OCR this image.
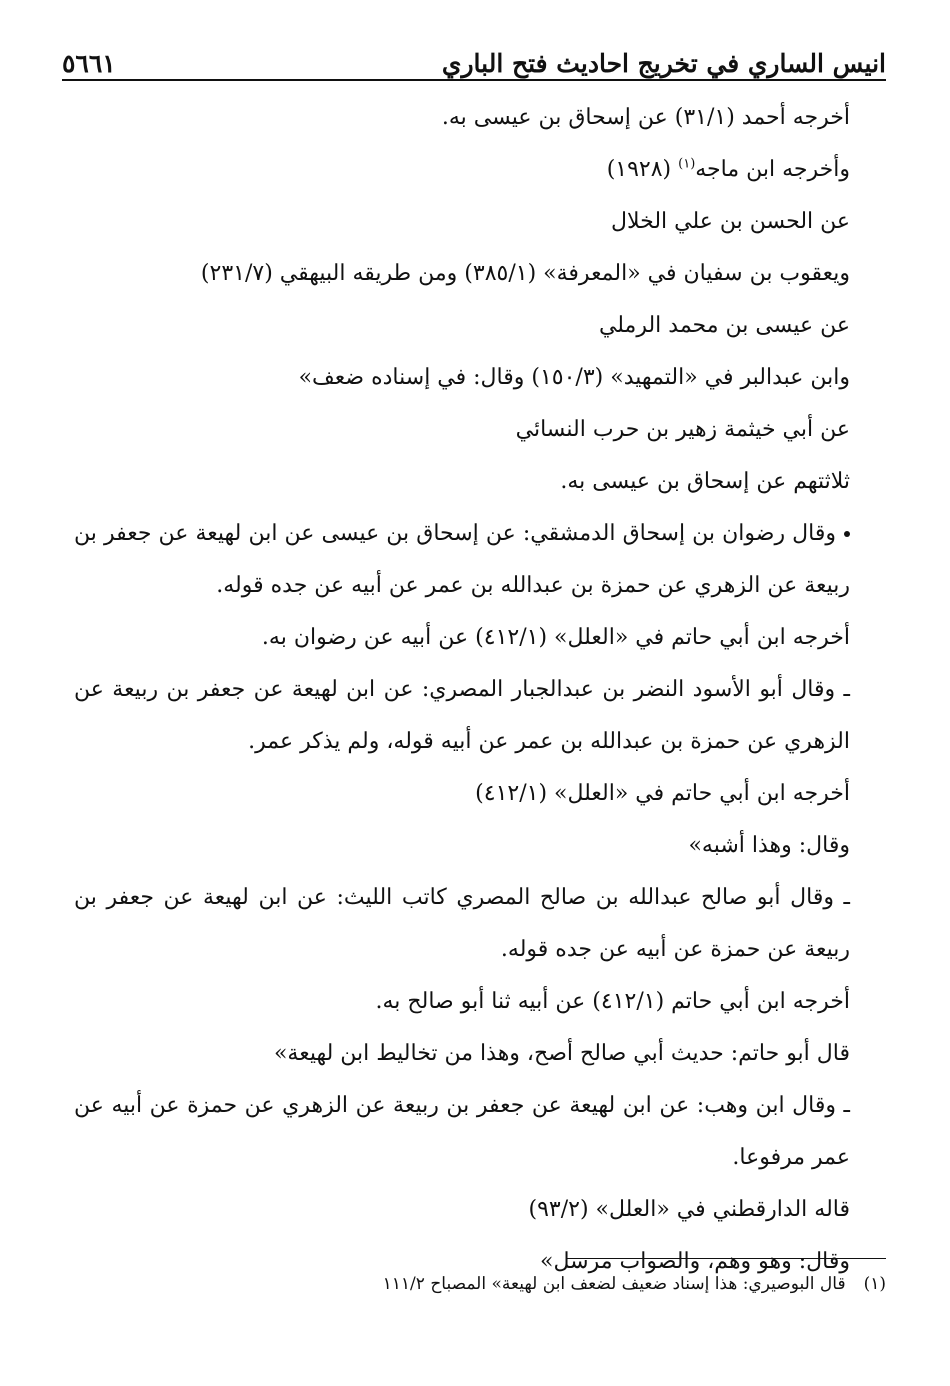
انيس الساري في تخريج احاديث فتح الباري
٥٦٦١

أخرجه أحمد (٣١/١) عن إسحاق بن عيسى به.

وأخرجه ابن ماجه$^{(١)}$ (١٩٢٨)

عن الحسن بن علي الخلال

ويعقوب بن سفيان في «المعرفة» (٣٨٥/١) ومن طريقه البيهقي (٢٣١/٧)

عن عيسى بن محمد الرملي

وابن عبدالبر في «التمهيد» (١٥٠/٣) وقال: في إسناده ضعف»

عن أبي خيثمة زهير بن حرب النسائي

ثلاثتهم عن إسحاق بن عيسى به.

وقال رضوان بن إسحاق الدمشقي: عن إسحاق بن عيسى عن ابن لهيعة عن جعفر بن ربيعة عن الزهري عن حمزة بن عبدالله بن عمر عن أبيه عن جده قوله.

أخرجه ابن أبي حاتم في «العلل» (٤١٢/١) عن أبيه عن رضوان به.

ـ وقال أبو الأسود النضر بن عبدالجبار المصري: عن ابن لهيعة عن جعفر بن ربيعة عن الزهري عن حمزة بن عبدالله بن عمر عن أبيه قوله، ولم يذكر عمر.

أخرجه ابن أبي حاتم في «العلل» (٤١٢/١)

وقال: وهذا أشبه»

ـ وقال أبو صالح عبدالله بن صالح المصري كاتب الليث: عن ابن لهيعة عن جعفر بن ربيعة عن حمزة عن أبيه عن جده قوله.

أخرجه ابن أبي حاتم (٤١٢/١) عن أبيه ثنا أبو صالح به.

قال أبو حاتم: حديث أبي صالح أصح، وهذا من تخاليط ابن لهيعة»

ـ وقال ابن وهب: عن ابن لهيعة عن جعفر بن ربيعة عن الزهري عن حمزة عن أبيه عن عمر مرفوعا.

قاله الدارقطني في «العلل» (٩٣/٢)

وقال: وهو وهم، والصواب مرسل»

(١)قال البوصيري: هذا إسناد ضعيف لضعف ابن لهيعة» المصباح ١١١/٢
